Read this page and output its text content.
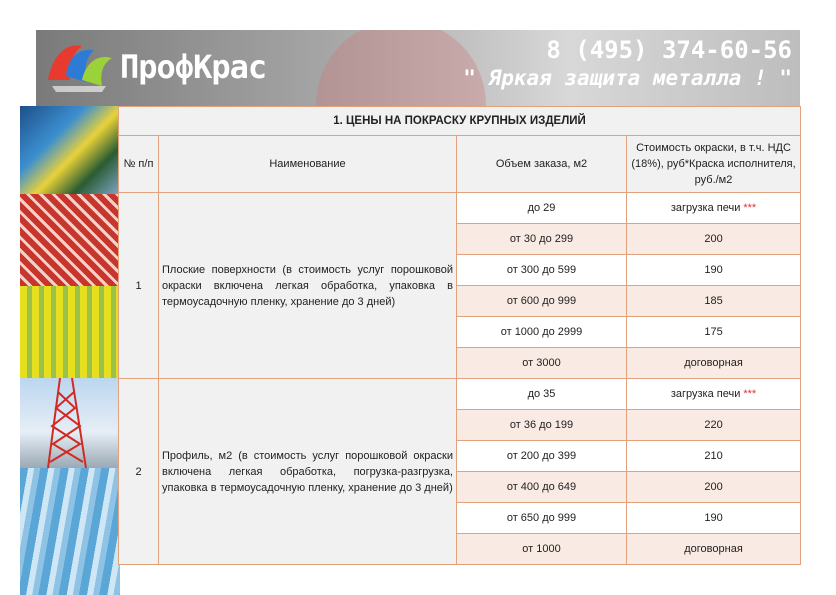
ПрофКрас	8 (495) 374-60-56
" Яркая защита металла ! "
1. ЦЕНЫ НА ПОКРАСКУ КРУПНЫХ ИЗДЕЛИЙ			
№ п/п	Наименование	Объем заказа, м2	Стоимость окраски, в т.ч. НДС (18%), руб*Краска исполнителя, руб./м2
1	Плоские поверхности (в стоимость услуг порошковой окраски включена легкая обработка, упаковка в термоусадочную пленку, хранение до 3 дней)	до 29	загрузка печи ***
		от 30 до 299	200
		от 300 до 599	190
		от 600 до 999	185
		от 1000 до 2999	175
		от 3000	договорная
2	Профиль, м2 (в стоимость услуг порошковой окраски включена легкая обработка, погрузка-разгрузка, упаковка в термоусадочную пленку, хранение до 3 дней)	до 35	загрузка печи ***
		от 36 до 199	220
		от 200 до 399	210
		от 400 до 649	200
		от 650 до 999	190
		от 1000	договорная
